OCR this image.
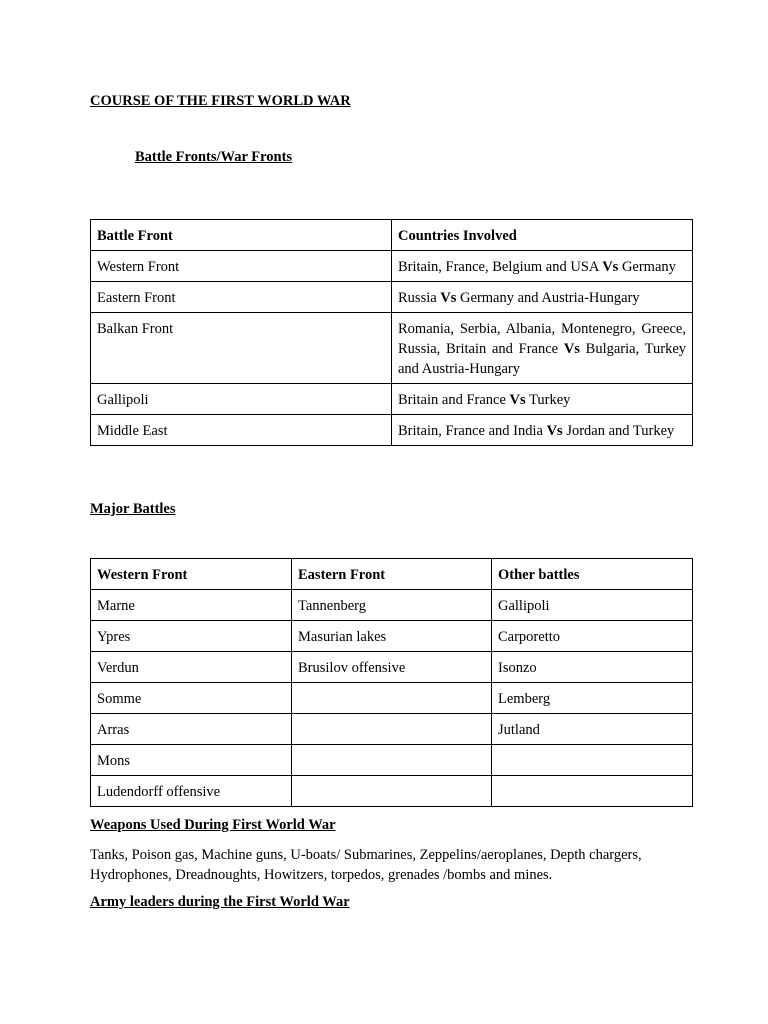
COURSE OF THE FIRST WORLD WAR
Battle Fronts/War Fronts
Battle Front	Countries Involved
Western Front	Britain, France, Belgium and USA Vs Germany
Eastern Front	Russia Vs Germany and Austria-Hungary
Balkan Front	Romania, Serbia, Albania, Montenegro, Greece, Russia, Britain and France Vs Bulgaria, Turkey and Austria-Hungary
Gallipoli	Britain and France Vs Turkey
Middle East	Britain, France and India Vs Jordan and Turkey
Major Battles
Western Front	Eastern Front	Other battles
Marne	Tannenberg	Gallipoli
Ypres	Masurian lakes	Carporetto
Verdun	Brusilov offensive	Isonzo
Somme		Lemberg
Arras		Jutland
Mons		
Ludendorff offensive		
Weapons Used During First World War
Tanks, Poison gas, Machine guns, U-boats/ Submarines, Zeppelins/aeroplanes, Depth chargers, Hydrophones, Dreadnoughts, Howitzers, torpedos, grenades /bombs and mines.
Army leaders during the First World War
